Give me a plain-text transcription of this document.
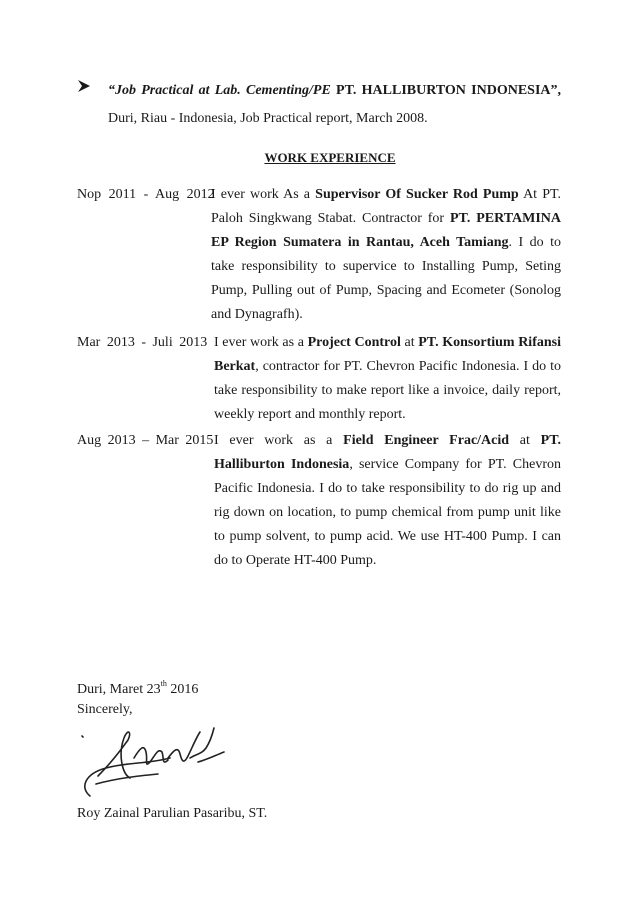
“Job Practical at Lab. Cementing/PE PT. HALLIBURTON INDONESIA”, Duri, Riau - Indonesia, Job Practical report, March 2008.
WORK EXPERIENCE
Nop 2011 - Aug 2012
I ever work As a Supervisor Of Sucker Rod Pump At PT. Paloh Singkwang Stabat. Contractor for PT. PERTAMINA EP Region Sumatera in Rantau, Aceh Tamiang. I do to take responsibility to supervice to Installing Pump, Seting Pump, Pulling out of Pump, Spacing and Ecometer (Sonolog and Dynagrafh).
Mar 2013 - Juli 2013 I ever work as a Project Control at PT. Konsortium Rifansi Berkat, contractor for PT. Chevron Pacific Indonesia. I do to take responsibility to make report like a invoice, daily report, weekly report and monthly report.
Aug 2013 – Mar 2015 I ever work as a Field Engineer Frac/Acid at PT. Halliburton Indonesia, service Company for PT. Chevron Pacific Indonesia. I do to take responsibility to do rig up and rig down on location, to pump chemical from pump unit like to pump solvent, to pump acid. We use HT-400 Pump. I can do to Operate HT-400 Pump.
Duri, Maret 23th 2016
Sincerely,
Roy Zainal Parulian Pasaribu, ST.
